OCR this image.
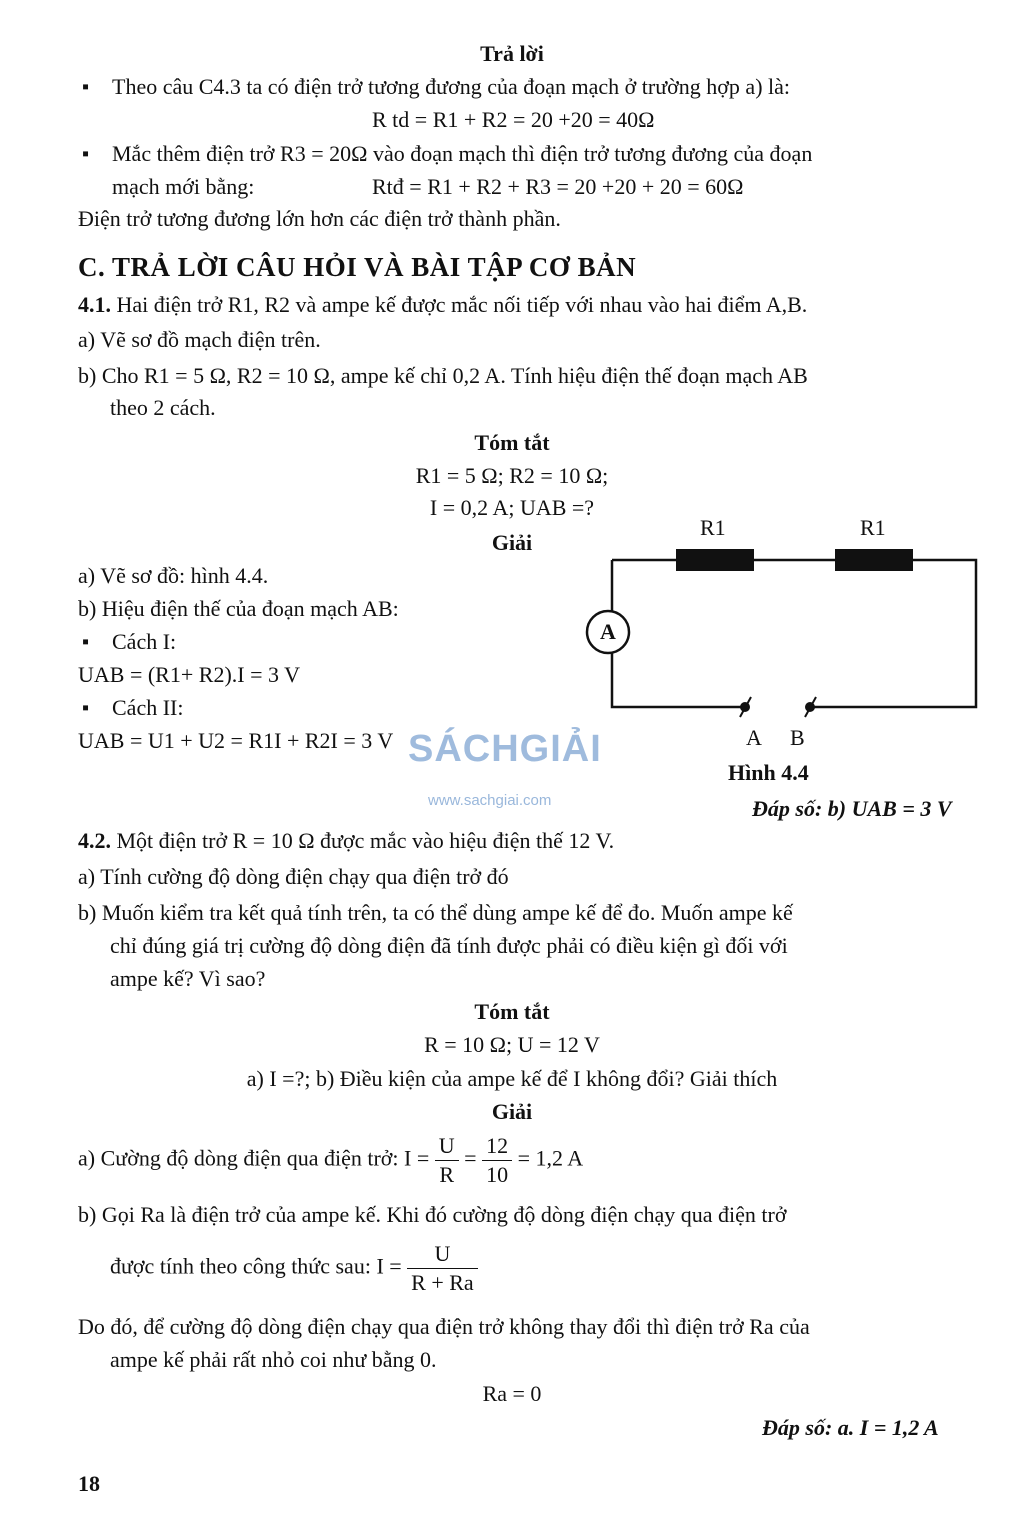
Trả lời
▪ Theo câu C4.3 ta có điện trở tương đương của đoạn mạch ở trường hợp a) là:
R td = R1 + R2 = 20 +20 = 40Ω
▪ Mắc thêm điện trở R3 = 20Ω vào đoạn mạch thì điện trở tương đương của đoạn
mạch mới bằng:	Rtđ = R1 + R2 + R3 = 20 +20 + 20 = 60Ω
Điện trở tương đương lớn hơn các điện trở thành phần.
C. TRẢ LỜI CÂU HỎI VÀ BÀI TẬP CƠ BẢN
4.1. Hai điện trở R1, R2 và ampe kế được mắc nối tiếp với nhau vào hai điểm A,B.
a) Vẽ sơ đồ mạch điện trên.
b) Cho R1 = 5 Ω, R2 = 10 Ω, ampe kế chỉ 0,2 A. Tính hiệu điện thế đoạn mạch AB
theo 2 cách.
Tóm tắt
R1 = 5 Ω; R2 = 10 Ω;
I = 0,2 A; UAB =?
Giải
a) Vẽ sơ đồ: hình 4.4.
b) Hiệu điện thế của đoạn mạch AB:
▪ Cách I:
UAB = (R1+ R2).I = 3 V
▪ Cách II:
UAB = U1 + U2 = R1I + R2I = 3 V
R1	R1
A
A B
Hình 4.4
Đáp số: b) UAB = 3 V
SÁCHGIẢI
www.sachgiai.com
4.2. Một điện trở R = 10 Ω được mắc vào hiệu điện thế 12 V.
a) Tính cường độ dòng điện chạy qua điện trở đó
b) Muốn kiểm tra kết quả tính trên, ta có thể dùng ampe kế để đo. Muốn ampe kế
chỉ đúng giá trị cường độ dòng điện đã tính được phải có điều kiện gì đối với
ampe kế? Vì sao?
Tóm tắt
R = 10 Ω; U = 12 V
a) I =?; b) Điều kiện của ampe kế để I không đổi? Giải thích
Giải
a) Cường độ dòng điện qua điện trở: $I = \frac{U}{R} = \frac{12}{10} = 1,2$ A
b) Gọi Ra là điện trở của ampe kế. Khi đó cường độ dòng điện chạy qua điện trở
được tính theo công thức sau: $I = \frac{U}{R + Ra}$
Do đó, để cường độ dòng điện chạy qua điện trở không thay đổi thì điện trở Ra của
ampe kế phải rất nhỏ coi như bằng 0.
Ra = 0
Đáp số: a. I = 1,2 A
18
